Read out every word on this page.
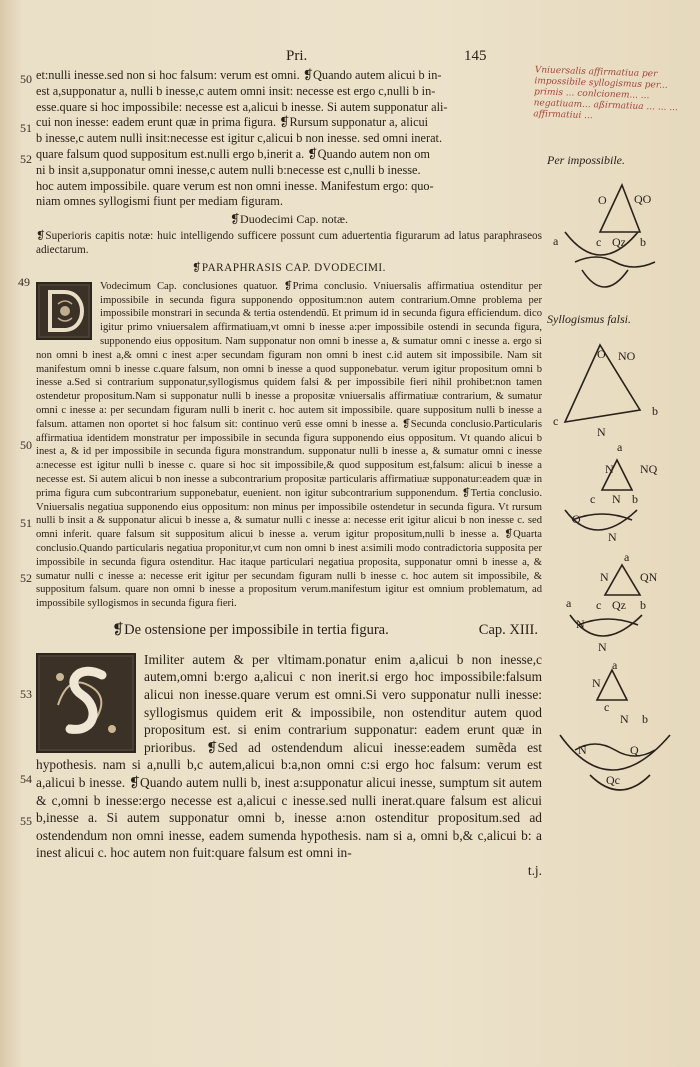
Pri.	145
50
51
52
49
50
51
52
53
54
55

et:nulli inesse.sed non si hoc falsum: verum est omni. ❡Quando autem alicui b in-

est a,supponatur a, nulli b inesse,c autem omni insit: necesse est ergo c,nulli b in-

esse.quare si hoc impossibile: necesse est a,alicui b inesse. Si autem supponatur ali-

cui non inesse: eadem erunt quæ in prima figura. ❡Rursum supponatur a, alicui

b inesse,c autem nulli insit:necesse est igitur c,alicui b non inesse. sed omni inerat.

quare falsum quod suppositum est.nulli ergo b,inerit a. ❡Quando autem non om

ni b insit a,supponatur omni inesse,c autem nulli b:necesse est c,nulli b inesse.

hoc autem impossibile. quare verum est non omni inesse. Manifestum ergo: quo-

niam omnes syllogismi fiunt per mediam figuram.

❡Duodecimi Cap. notæ.

❡Superioris capitis notæ: huic intelligendo sufficere possunt cum aduertentia figurarum ad latus paraphraseos adiectarum.

❡PARAPHRASIS CAP. DVODECIMI.

Vodecimum Cap. conclusiones quatuor. ❡Prima conclusio. Vniuersalis affirmatiua ostenditur per impossibile in secunda figura supponendo oppositum:non autem contrarium.Omne problema per impossibile monstrari in secunda & tertia ostendendũ. Et primum id in secunda figura efficiendum. dico igitur primo vniuersalem affirmatiuam,vt omni b inesse a:per impossibile ostendi in secunda figura, supponendo eius oppositum. Nam supponatur non omni b inesse a, & sumatur omni c inesse a. ergo si non omni b inest a,& omni c inest a:per secundam figuram non omni b inest c.id autem sit impossibile. Nam sit manifestum omni b inesse c.quare falsum, non omni b inesse a quod supponebatur. verum igitur propositum omni b inesse a.Sed si contrarium supponatur,syllogismus quidem falsi & per impossibile fieri nihil prohibet:non tamen ostendetur propositum.Nam si supponatur nulli b inesse a propositæ vniuersalis affirmatiuæ contrarium, & sumatur omni c inesse a: per secundam figuram nulli b inerit c. hoc autem sit impossibile. quare suppositum nulli b inesse a falsum. attamen non oportet si hoc falsum sit: continuo verũ esse omni b inesse a. ❡Secunda conclusio.Particularis affirmatiua identidem monstratur per impossibile in secunda figura supponendo eius oppositum. Vt quando alicui b inest a, & id per impossibile in secunda figura monstrandum. supponatur nulli b inesse a, & sumatur omni c inesse a:necesse est igitur nulli b inesse c. quare si hoc sit impossibile,& quod suppositum est,falsum: alicui b inesse a necesse est. Si autem alicui b non inesse a subcontrarium propositæ particularis affirmatiuæ supponatur:eadem quæ in prima figura cum subcontrarium supponebatur, euenient. non igitur subcontrarium supponendum. ❡Tertia conclusio. Vniuersalis negatiua supponendo eius oppositum: non minus per impossibile ostendetur in secunda figura. Vt rursum nulli b insit a & supponatur alicui b inesse a, & sumatur nulli c inesse a: necesse erit igitur alicui b non inesse c. sed omni inferit. quare falsum sit suppositum alicui b inesse a. verum igitur propositum,nulli b inesse a. ❡Quarta conclusio.Quando particularis negatiua proponitur,vt cum non omni b inest a:simili modo contradictoria supposita per impossibile in secunda figura ostenditur. Hac itaque particulari negatiua proposita, supponatur omni b inesse a, & sumatur nulli c inesse a: necesse erit igitur per secundam figuram nulli b inesse c. hoc autem sit impossibile, & suppositum falsum. quare non omni b inesse a propositum verum.manifestum igitur est omnium problematum, ad impossibile syllogismos in secunda figura fieri.

❡De ostensione per impossibile in tertia figura.	Cap. XIII.

Imiliter autem & per vltimam.ponatur enim a,alicui b non inesse,c autem,omni b:ergo a,alicui c non inerit.si ergo hoc impossibile:falsum alicui non inesse.quare verum est omni.Si vero supponatur nulli inesse: syllogismus quidem erit & impossibile, non ostenditur autem quod propositum est. si enim contrarium supponatur: eadem erunt quæ in prioribus. ❡Sed ad ostendendum alicui inesse:eadem sumẽda est hypothesis. nam si a,nulli b,c autem,alicui b:a,non omni c:si ergo hoc falsum: verum est a,alicui b inesse. ❡Quando autem nulli b, inest a:supponatur alicui inesse, sumptum sit autem & c,omni b inesse:ergo necesse est a,alicui c inesse.sed nulli inerat.quare falsum est alicui b,inesse a. Si autem supponatur omni b, inesse a:non ostenditur propositum.sed ad ostendendum non omni inesse, eadem sumenda hypothesis. nam si a, omni b,& c,alicui b: a inest alicui c. hoc autem non fuit:quare falsum est omni in-

t.j.
Vniuersalis affirmatiua per impossibile syllogismus per... primis ... conlcionem... ... negatiuam... aßirmatiua ... ... ... affirmatiui ...
Per impossibile.
O QO
a	c Qz b
Syllogismus falsi.
O NO
c
b
N
a
N NQ
c N b
Q
N
a
N	QN
a c Qz b
N
N
a
N
c
N b
N	Q
Qc
